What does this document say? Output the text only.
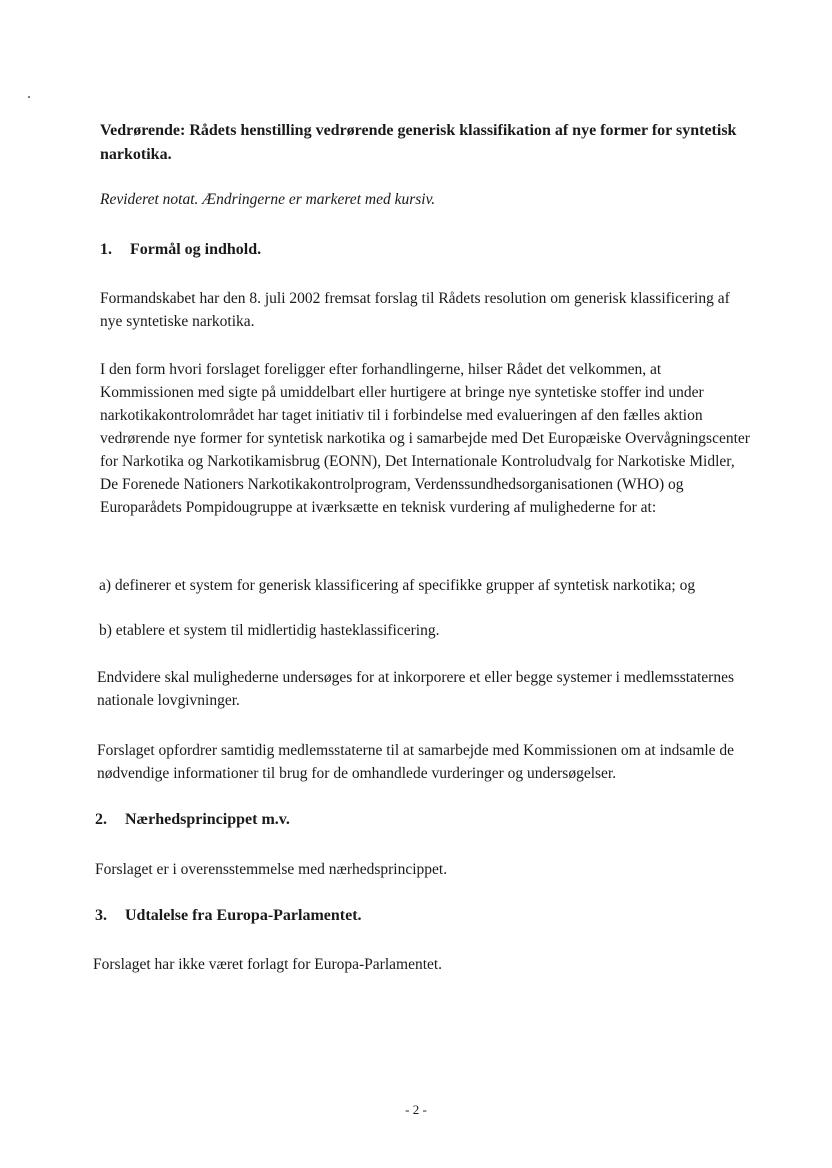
Vedrørende: Rådets henstilling vedrørende generisk klassifikation af nye former for syntetisk narkotika.
Revideret notat. Ændringerne er markeret med kursiv.
1. Formål og indhold.
Formandskabet har den 8. juli 2002 fremsat forslag til Rådets resolution om generisk klassificering af nye syntetiske narkotika.
I den form hvori forslaget foreligger efter forhandlingerne, hilser Rådet det velkommen, at Kommissionen med sigte på umiddelbart eller hurtigere at bringe nye syntetiske stoffer ind under narkotikakontrolområdet har taget initiativ til i forbindelse med evalueringen af den fælles aktion vedrørende nye former for syntetisk narkotika og i samarbejde med Det Europæiske Overvågningscenter for Narkotika og Narkotikamisbrug (EONN), Det Internationale Kontroludvalg for Narkotiske Midler, De Forenede Nationers Narkotikakontrolprogram, Verdenssundhedsorganisationen (WHO) og Europarådets Pompidougruppe at iværksætte en teknisk vurdering af mulighederne for at:
a) definerer et system for generisk klassificering af specifikke grupper af syntetisk narkotika; og
b) etablere et system til midlertidig hasteklassificering.
Endvidere skal mulighederne undersøges for at inkorporere et eller begge systemer i medlemsstaternes nationale lovgivninger.
Forslaget opfordrer samtidig medlemsstaterne til at samarbejde med Kommissionen om at indsamle de nødvendige informationer til brug for de omhandlede vurderinger og undersøgelser.
2. Nærhedsprincippet m.v.
Forslaget er i overensstemmelse med nærhedsprincippet.
3. Udtalelse fra Europa-Parlamentet.
Forslaget har ikke været forlagt for Europa-Parlamentet.
- 2 -
